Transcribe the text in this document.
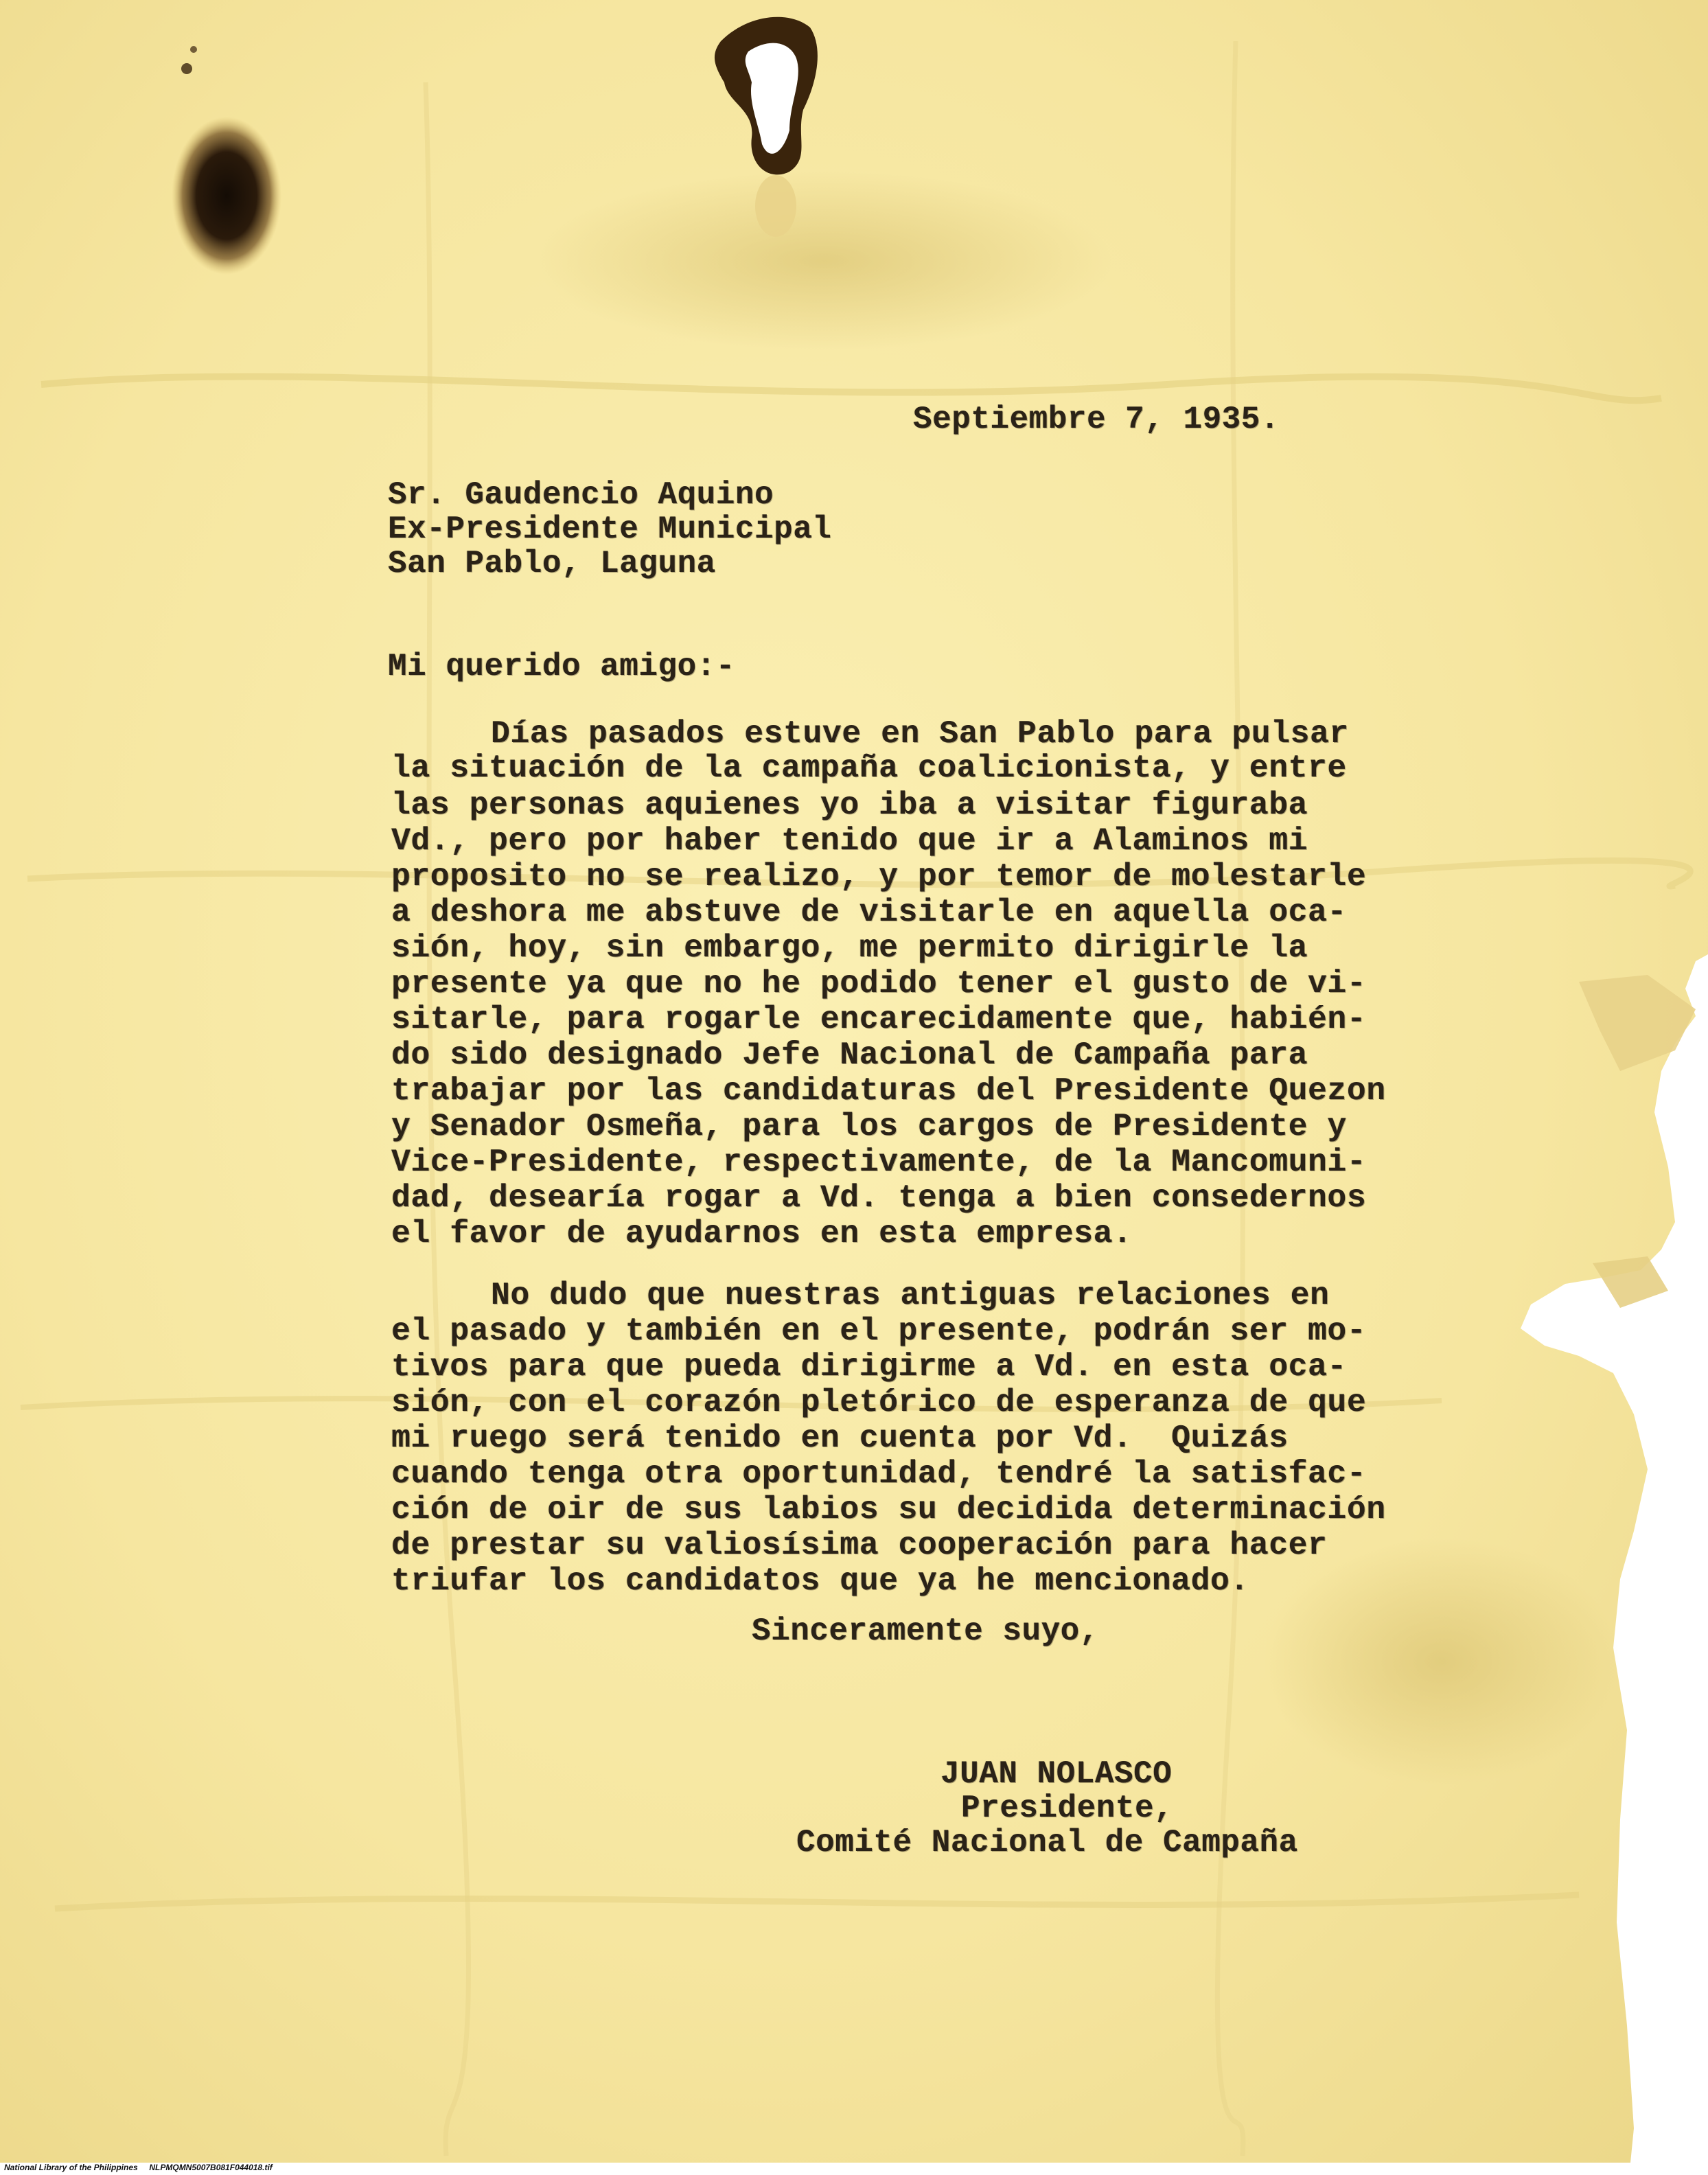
Septiembre 7, 1935.

Sr. Gaudencio Aquino

Ex-Presidente Municipal

San Pablo, Laguna

Mi querido amigo:-

Días pasados estuve en San Pablo para pulsar

la situación de la campaña coalicionista, y entre

las personas aquienes yo iba a visitar figuraba

Vd., pero por haber tenido que ir a Alaminos mi

proposito no se realizo, y por temor de molestarle

a deshora me abstuve de visitarle en aquella oca-

sión, hoy, sin embargo, me permito dirigirle la

presente ya que no he podido tener el gusto de vi-

sitarle, para rogarle encarecidamente que, habién-

do sido designado Jefe Nacional de Campaña para

trabajar por las candidaturas del Presidente Quezon

y Senador Osmeña, para los cargos de Presidente y

Vice-Presidente, respectivamente, de la Mancomuni-

dad, desearía rogar a Vd. tenga a bien consedernos

el favor de ayudarnos en esta empresa.

No dudo que nuestras antiguas relaciones en

el pasado y también en el presente, podrán ser mo-

tivos para que pueda dirigirme a Vd. en esta oca-

sión, con el corazón pletórico de esperanza de que

mi ruego será tenido en cuenta por Vd.  Quizás

cuando tenga otra oportunidad, tendré la satisfac-

ción de oir de sus labios su decidida determinación

de prestar su valiosísima cooperación para hacer

triufar los candidatos que ya he mencionado.

Sinceramente suyo,

JUAN NOLASCO

Presidente,

Comité Nacional de Campaña

National Library of the Philippines     NLPMQMN5007B081F044018.tif
